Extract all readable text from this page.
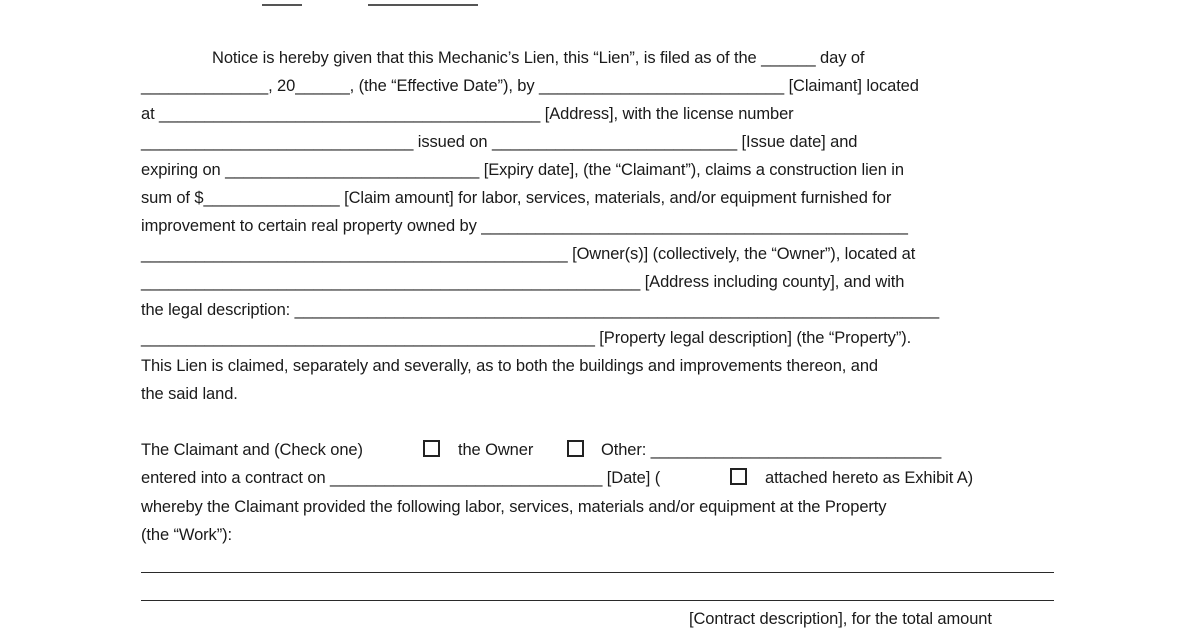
Notice is hereby given that this Mechanic’s Lien, this “Lien”, is filed as of the ______ day of
______________, 20______, (the “Effective Date”), by ___________________________ [Claimant] located
at __________________________________________ [Address], with the license number
______________________________ issued on ___________________________ [Issue date] and
expiring on ____________________________ [Expiry date], (the “Claimant”), claims a construction lien in
sum of $_______________ [Claim amount] for labor, services, materials, and/or equipment furnished for
improvement to certain real property owned by _______________________________________________
_______________________________________________ [Owner(s)] (collectively, the “Owner”), located at
_______________________________________________________ [Address including county], and with
the legal description: _______________________________________________________________________
__________________________________________________ [Property legal description] (the “Property”).
This Lien is claimed, separately and severally, as to both the buildings and improvements thereon, and
the said land.
The Claimant and (Check one)	the Owner	Other: ________________________________
entered into a contract on ______________________________ [Date] (	attached hereto as Exhibit A)
whereby the Claimant provided the following labor, services, materials and/or equipment at the Property
(the “Work”):
[Contract description], for the total amount
